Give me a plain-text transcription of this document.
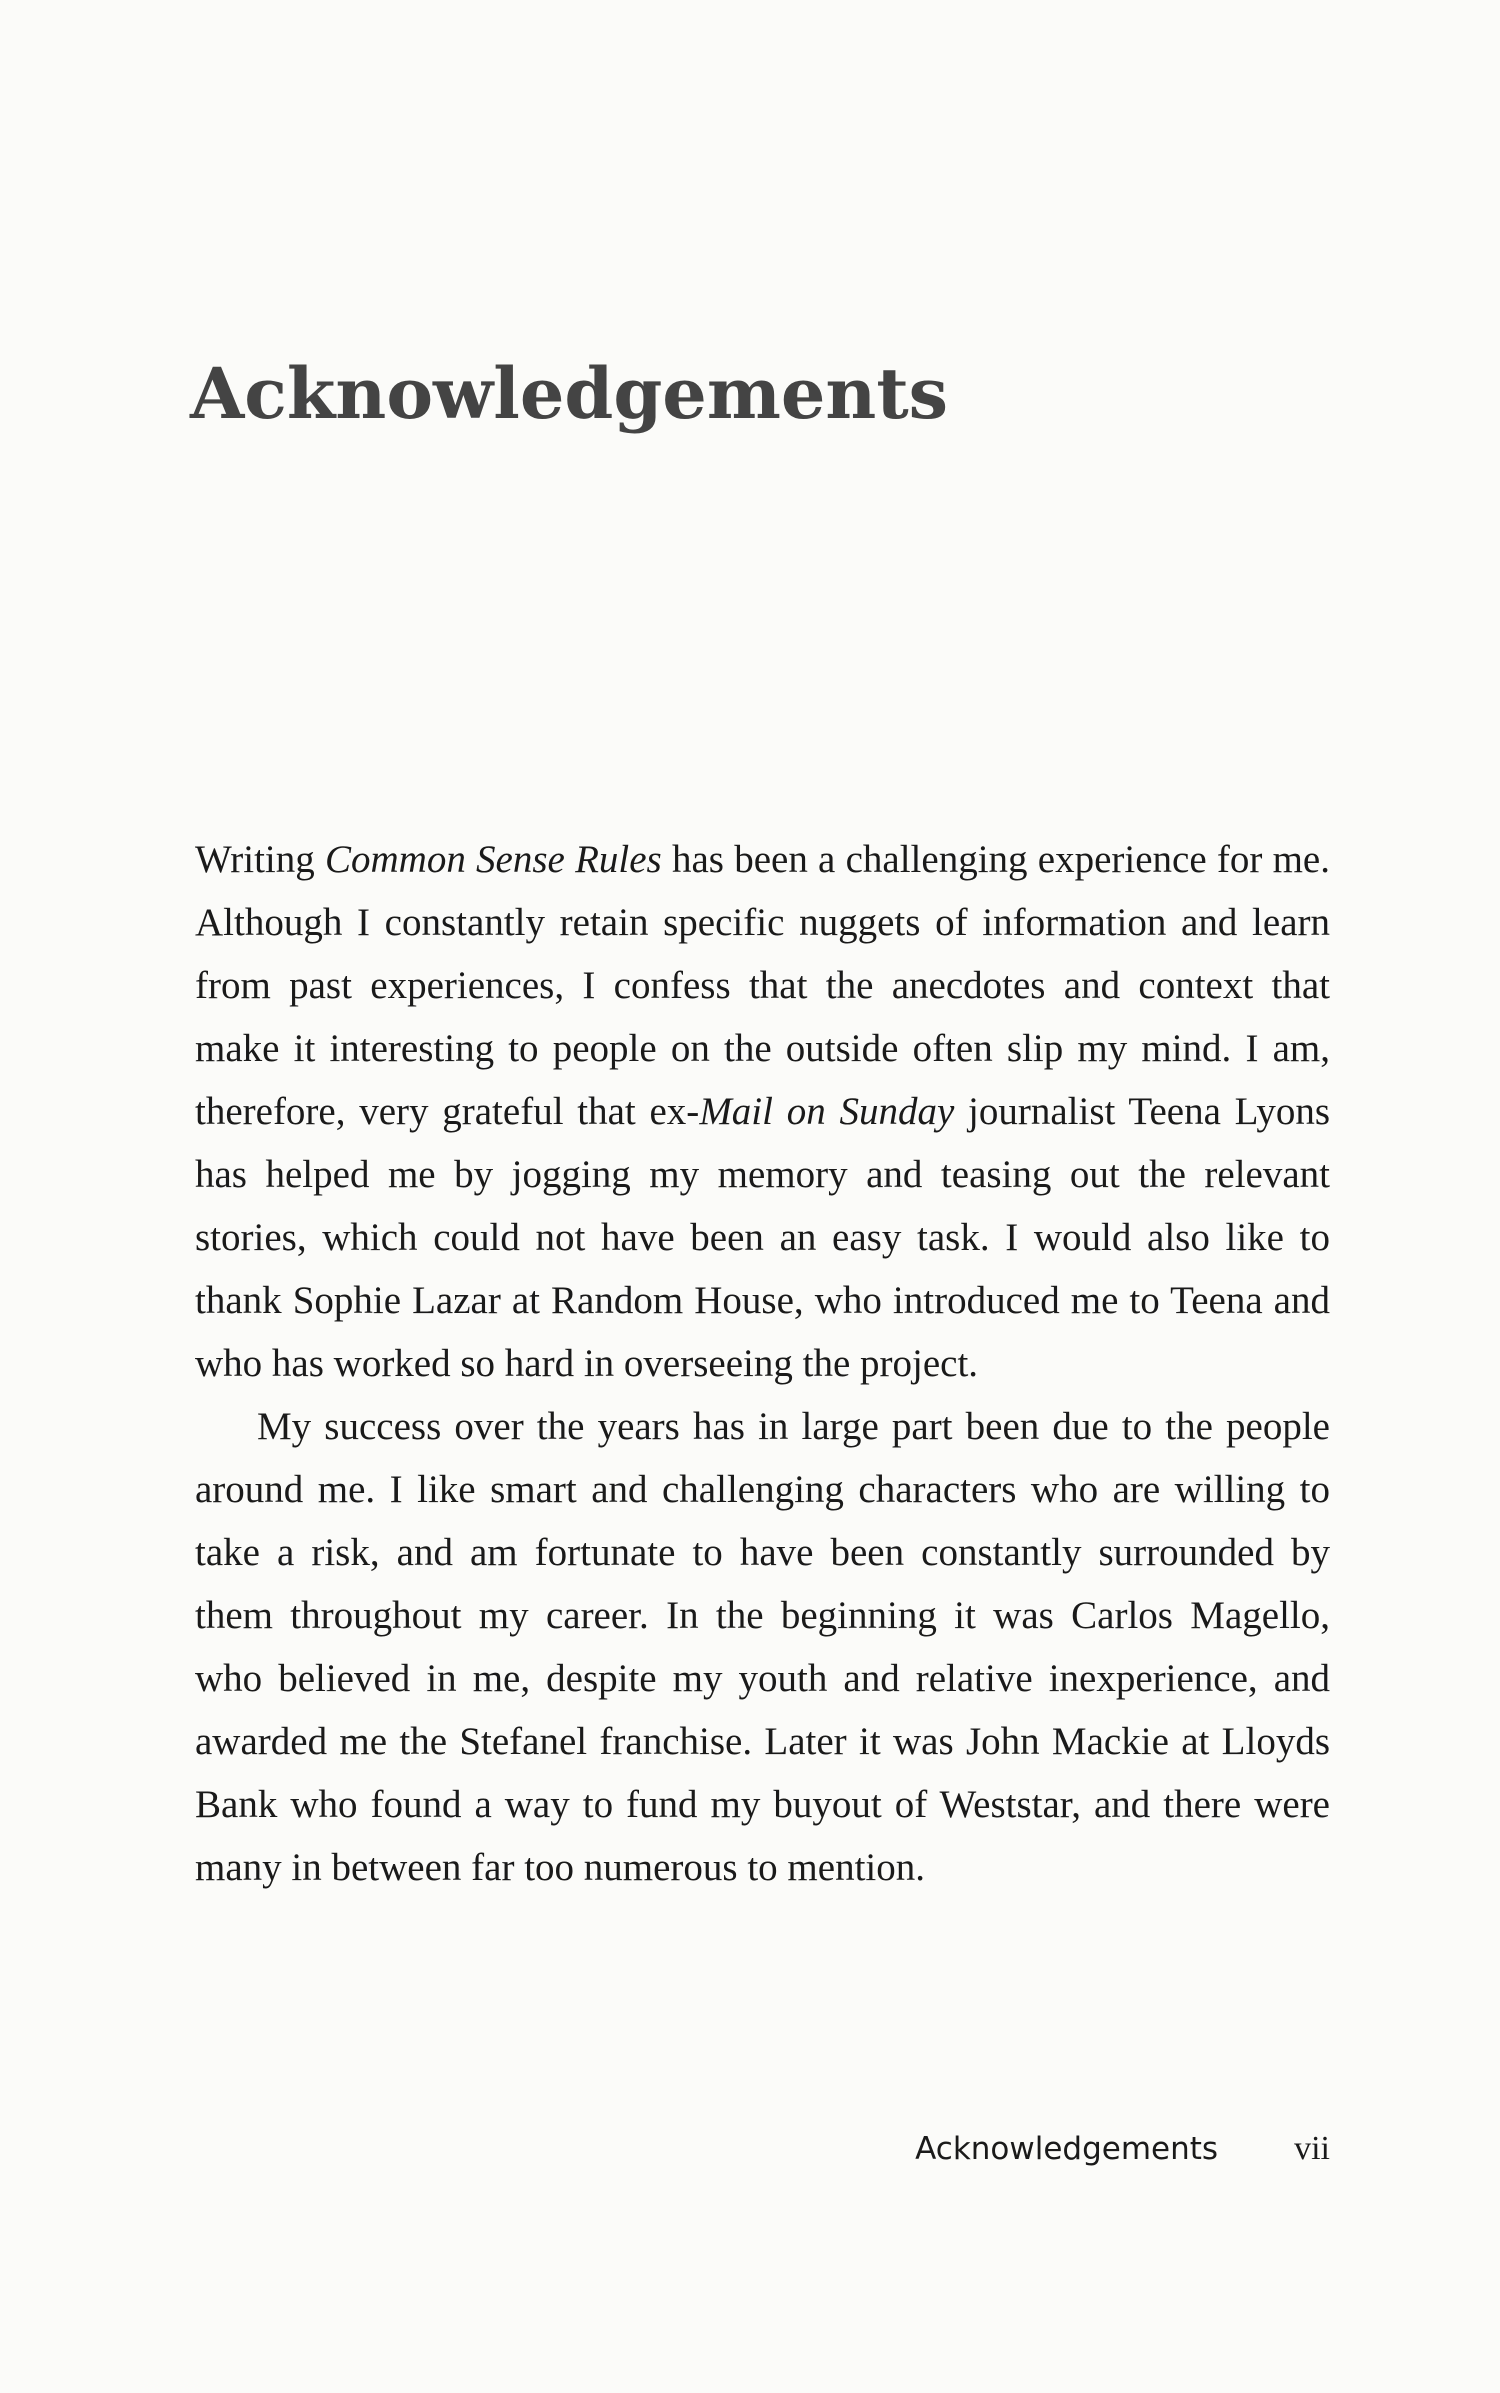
Acknowledgements

Writing Common Sense Rules has been a challenging experience for me. Although I constantly retain specific nuggets of information and learn from past experiences, I confess that the anecdotes and context that make it interesting to people on the outside often slip my mind. I am, therefore, very grateful that ex-Mail on Sunday journalist Teena Lyons has helped me by jogging my memory and teasing out the relevant stories, which could not have been an easy task. I would also like to thank Sophie Lazar at Random House, who introduced me to Teena and who has worked so hard in overseeing the project.

My success over the years has in large part been due to the people around me. I like smart and challenging characters who are willing to take a risk, and am fortunate to have been constantly surrounded by them throughout my career. In the beginning it was Carlos Magello, who believed in me, despite my youth and relative inexperience, and awarded me the Stefanel franchise. Later it was John Mackie at Lloyds Bank who found a way to fund my buyout of Weststar, and there were many in between far too numerous to mention.

Acknowledgements vii
